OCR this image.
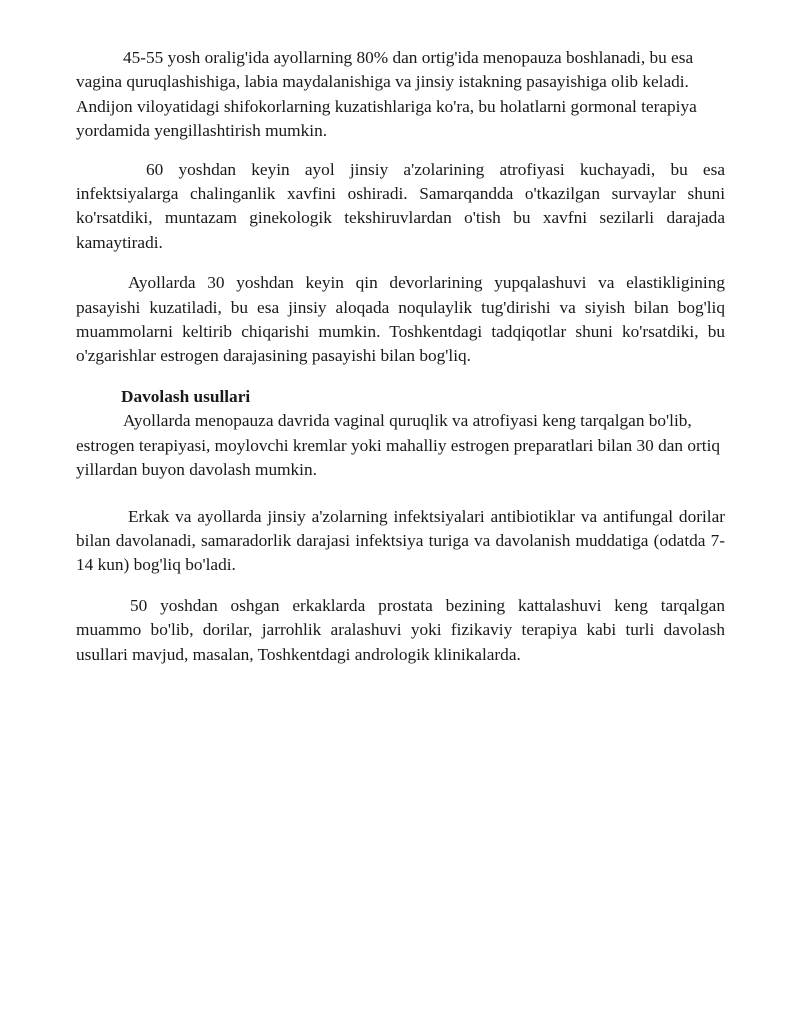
45-55 yosh oralig'ida ayollarning 80% dan ortig'ida menopauza boshlanadi, bu esa vagina quruqlashishiga, labia maydalanishiga va jinsiy istakning pasayishiga olib keladi. Andijon viloyatidagi shifokorlarning kuzatishlariga ko'ra, bu holatlarni gormonal terapiya yordamida yengillashtirish mumkin.

60 yoshdan keyin ayol jinsiy a'zolarining atrofiyasi kuchayadi, bu esa infektsiyalarga chalinganlik xavfini oshiradi. Samarqandda o'tkazilgan survaylar shuni ko'rsatdiki, muntazam ginekologik tekshiruvlardan o'tish bu xavfni sezilarli darajada kamaytiradi.

Ayollarda 30 yoshdan keyin qin devorlarining yupqalashuvi va elastikligining pasayishi kuzatiladi, bu esa jinsiy aloqada noqulaylik tug'dirishi va siyish bilan bog'liq muammolarni keltirib chiqarishi mumkin. Toshkentdagi tadqiqotlar shuni ko'rsatdiki, bu o'zgarishlar estrogen darajasining pasayishi bilan bog'liq.

Davolash usullari

Ayollarda menopauza davrida vaginal quruqlik va atrofiyasi keng tarqalgan bo'lib, estrogen terapiyasi, moylovchi kremlar yoki mahalliy estrogen preparatlari bilan 30 dan ortiq yillardan buyon davolash mumkin.

Erkak va ayollarda jinsiy a'zolarning infektsiyalari antibiotiklar va antifungal dorilar bilan davolanadi, samaradorlik darajasi infektsiya turiga va davolanish muddatiga (odatda 7-14 kun) bog'liq bo'ladi.

50 yoshdan oshgan erkaklarda prostata bezining kattalashuvi keng tarqalgan muammo bo'lib, dorilar, jarrohlik aralashuvi yoki fizikaviy terapiya kabi turli davolash usullari mavjud, masalan, Toshkentdagi andrologik klinikalarda.
